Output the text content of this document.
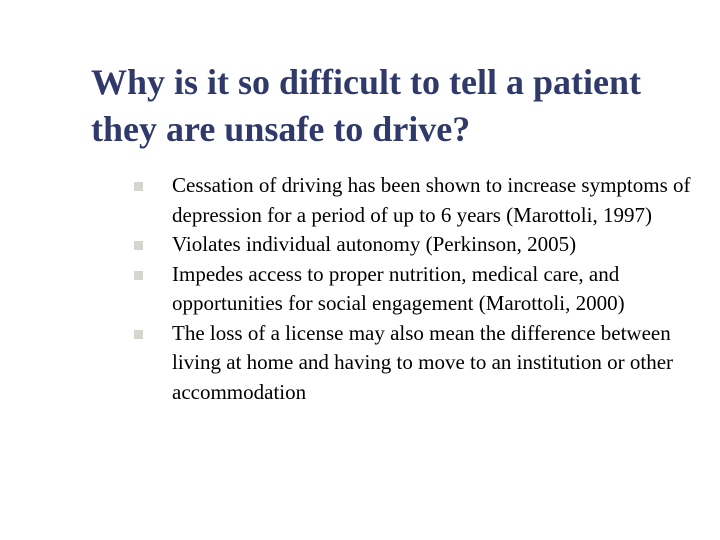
Why is it so difficult to tell a patient they are unsafe to drive?
Cessation of driving has been shown to increase symptoms of depression for a period of up to 6 years (Marottoli, 1997)
Violates individual autonomy (Perkinson, 2005)
Impedes access to proper nutrition, medical care, and opportunities for social engagement (Marottoli, 2000)
The loss of a license may also mean the difference between living at home and having to move to an institution or other accommodation
